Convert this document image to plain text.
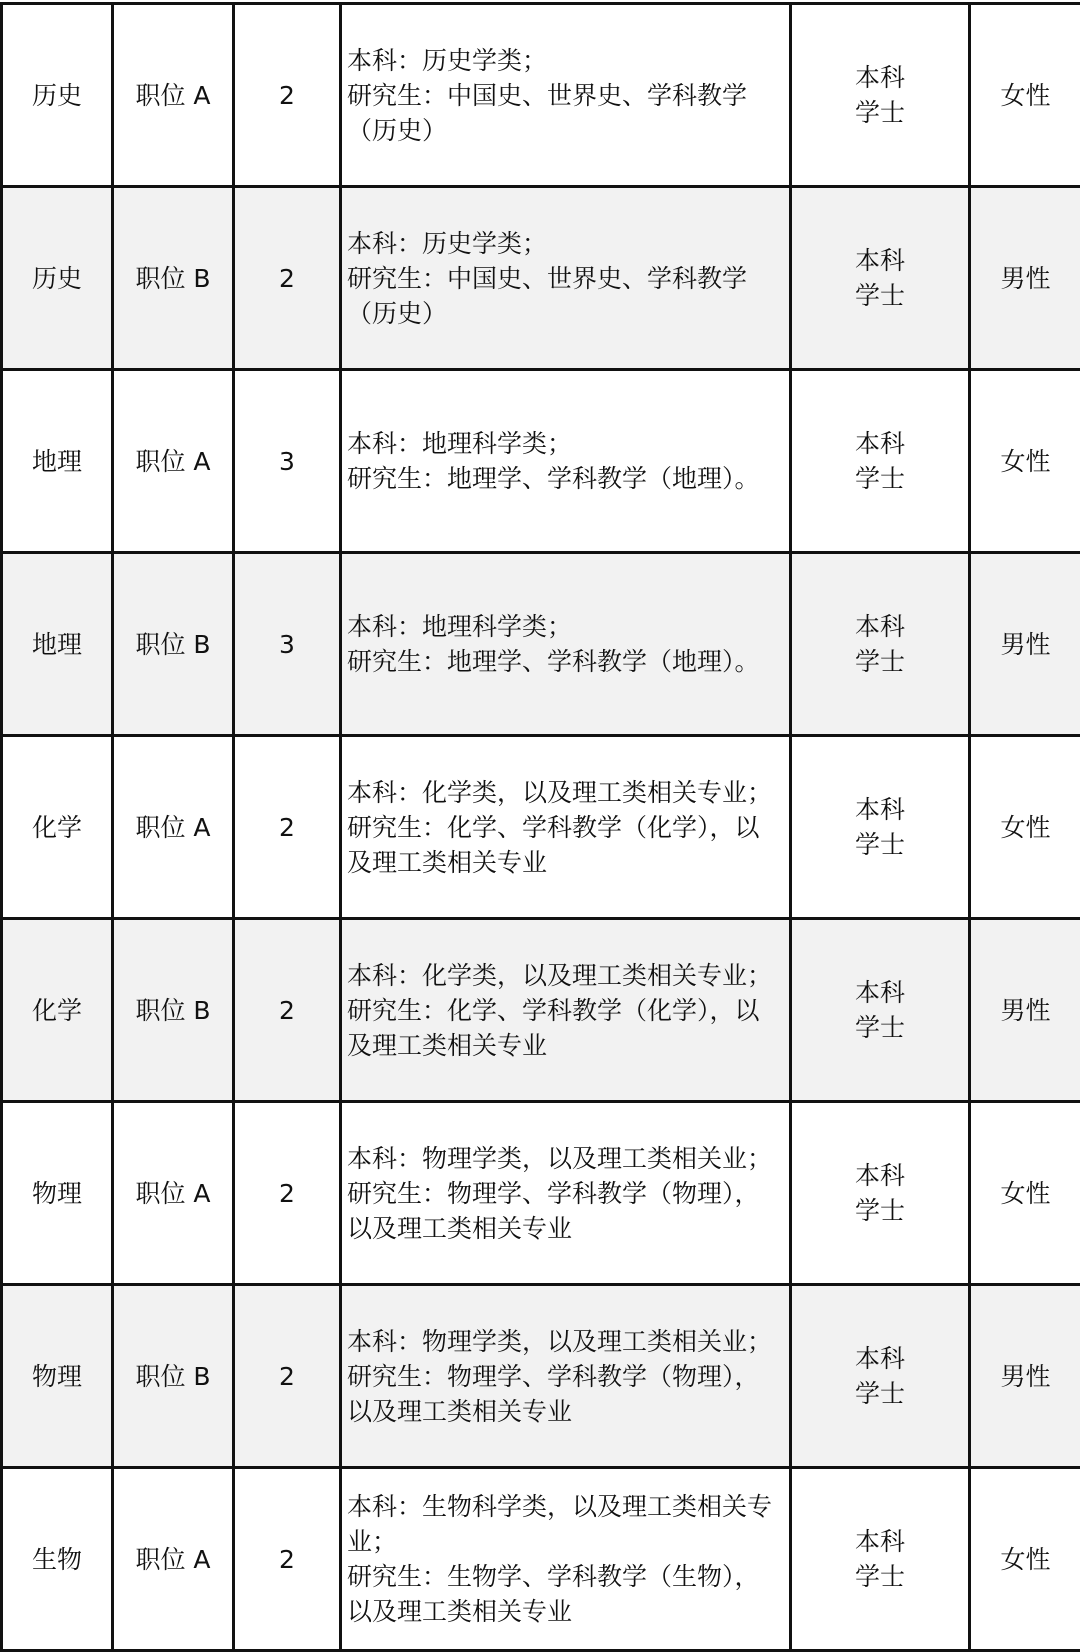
历史	职位 A	2	本科：历史学类；
研究生：中国史、世界史、学科教学
（历史）	本科
学士	女性
历史	职位 B	2	本科：历史学类；
研究生：中国史、世界史、学科教学
（历史）	本科
学士	男性
地理	职位 A	3	本科：地理科学类；
研究生：地理学、学科教学（地理）。	本科
学士	女性
地理	职位 B	3	本科：地理科学类；
研究生：地理学、学科教学（地理）。	本科
学士	男性
化学	职位 A	2	本科：化学类，以及理工类相关专业；
研究生：化学、学科教学（化学），以
及理工类相关专业	本科
学士	女性
化学	职位 B	2	本科：化学类，以及理工类相关专业；
研究生：化学、学科教学（化学），以
及理工类相关专业	本科
学士	男性
物理	职位 A	2	本科：物理学类，以及理工类相关业；
研究生：物理学、学科教学（物理），
以及理工类相关专业	本科
学士	女性
物理	职位 B	2	本科：物理学类，以及理工类相关业；
研究生：物理学、学科教学（物理），
以及理工类相关专业	本科
学士	男性
生物	职位 A	2	本科：生物科学类，以及理工类相关专
业；
研究生：生物学、学科教学（生物），
以及理工类相关专业	本科
学士	女性
